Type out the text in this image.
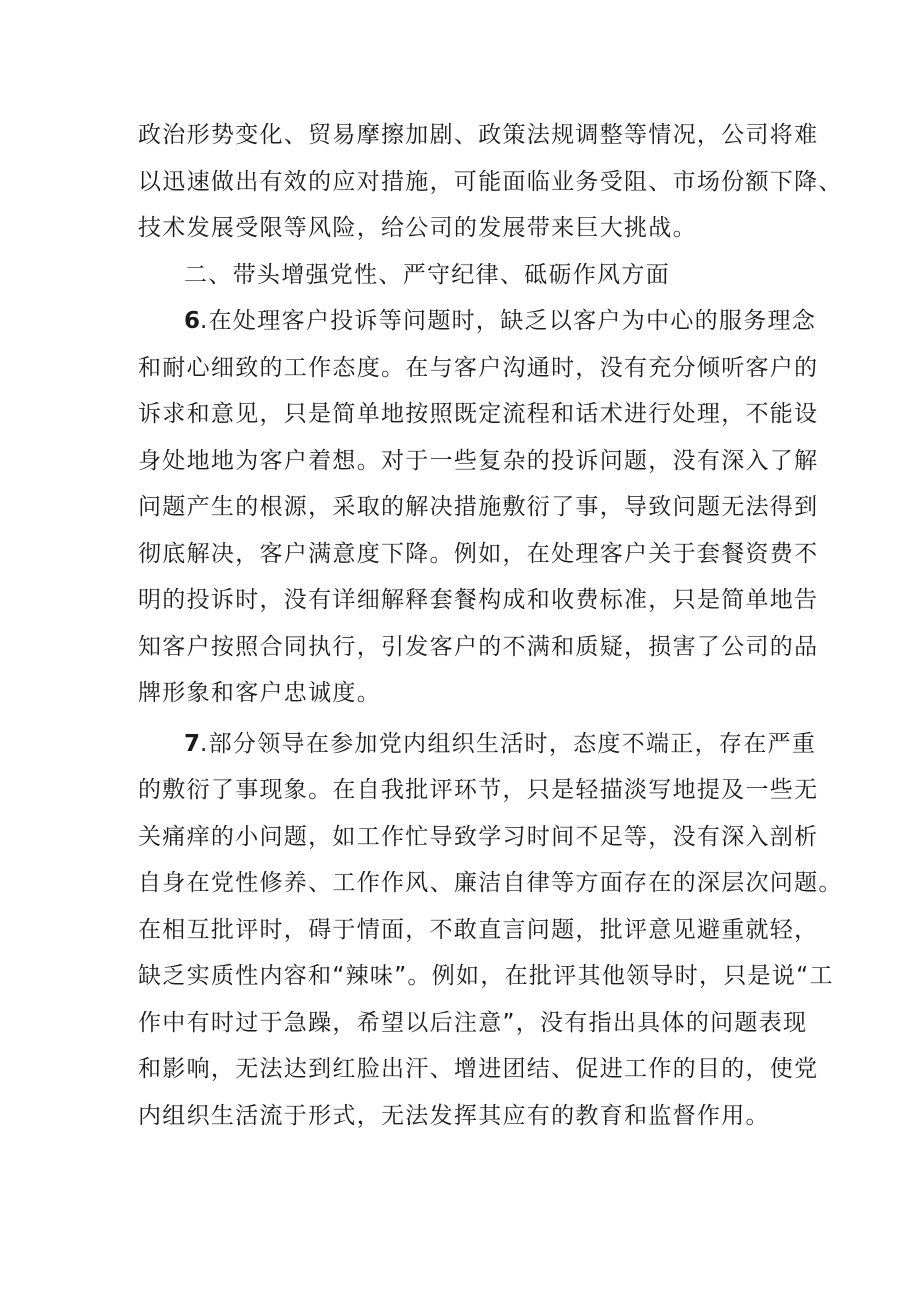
政治形势变化、贸易摩擦加剧、政策法规调整等情况，公司将难
以迅速做出有效的应对措施，可能面临业务受阻、市场份额下降、
技术发展受限等风险，给公司的发展带来巨大挑战。
二、带头增强党性、严守纪律、砥砺作风方面
6.在处理客户投诉等问题时，缺乏以客户为中心的服务理念
和耐心细致的工作态度。在与客户沟通时，没有充分倾听客户的
诉求和意见，只是简单地按照既定流程和话术进行处理，不能设
身处地地为客户着想。对于一些复杂的投诉问题，没有深入了解
问题产生的根源，采取的解决措施敷衍了事，导致问题无法得到
彻底解决，客户满意度下降。例如，在处理客户关于套餐资费不
明的投诉时，没有详细解释套餐构成和收费标准，只是简单地告
知客户按照合同执行，引发客户的不满和质疑，损害了公司的品
牌形象和客户忠诚度。
7.部分领导在参加党内组织生活时，态度不端正，存在严重
的敷衍了事现象。在自我批评环节，只是轻描淡写地提及一些无
关痛痒的小问题，如工作忙导致学习时间不足等，没有深入剖析
自身在党性修养、工作作风、廉洁自律等方面存在的深层次问题。
在相互批评时，碍于情面，不敢直言问题，批评意见避重就轻，
缺乏实质性内容和“辣味”。例如，在批评其他领导时，只是说“工
作中有时过于急躁，希望以后注意”，没有指出具体的问题表现
和影响，无法达到红脸出汗、增进团结、促进工作的目的，使党
内组织生活流于形式，无法发挥其应有的教育和监督作用。
